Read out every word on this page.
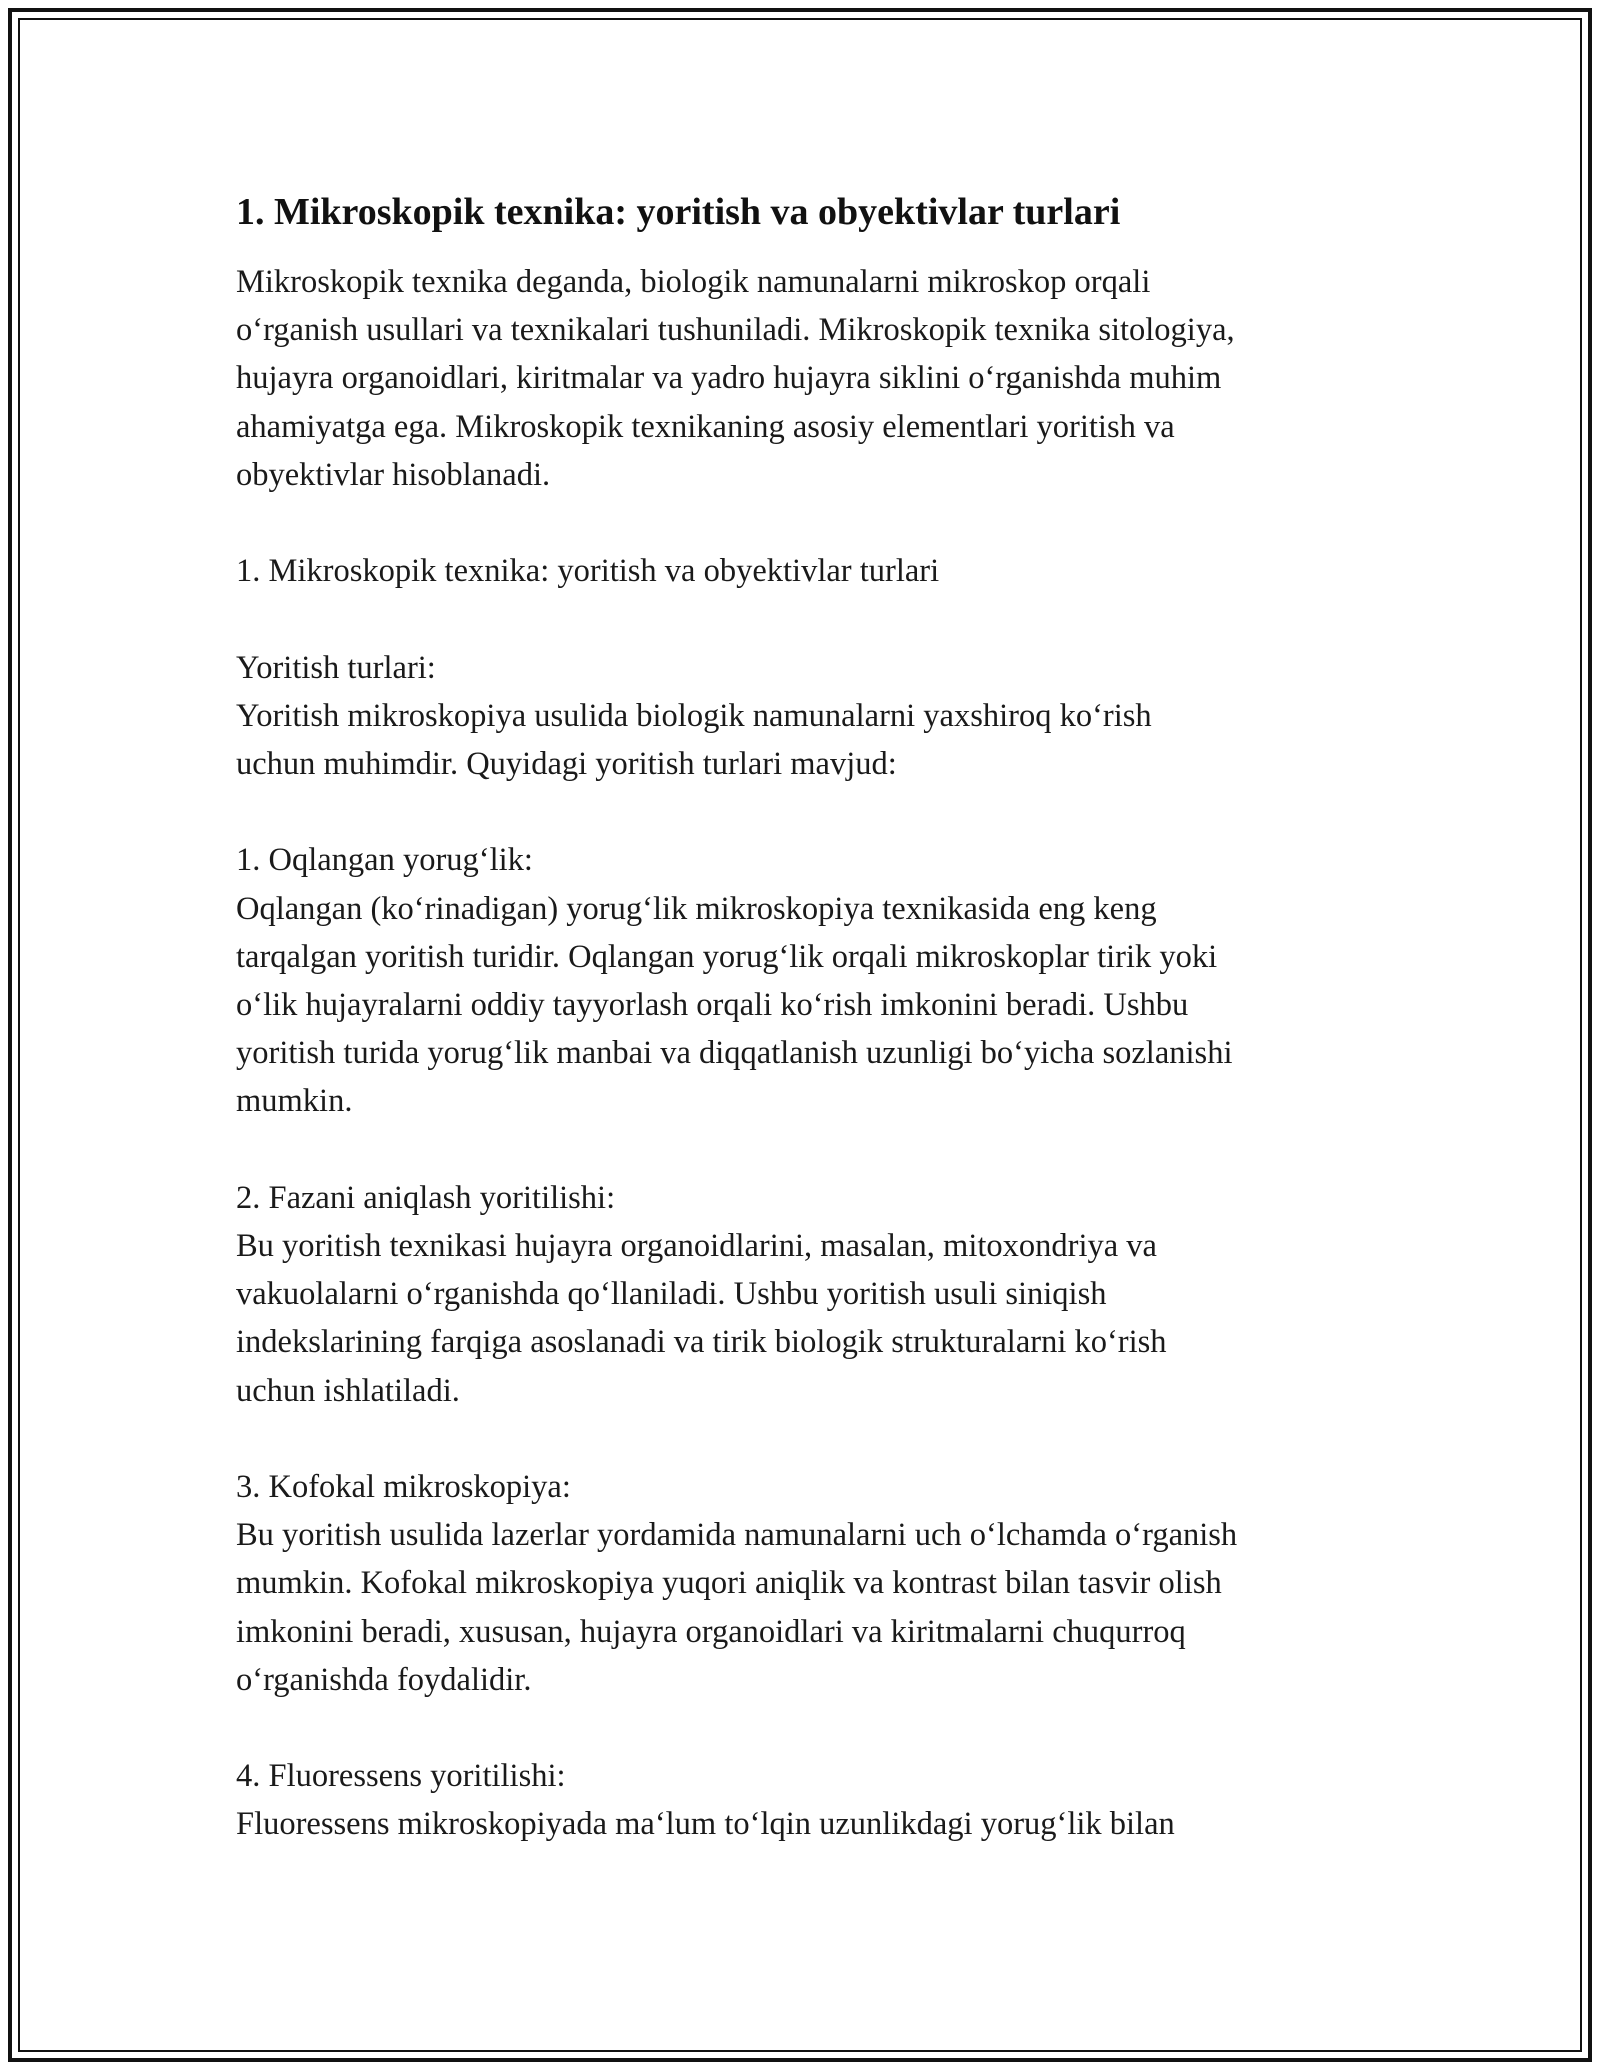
1. Mikroskopik texnika: yoritish va obyektivlar turlari

Mikroskopik texnika deganda, biologik namunalarni mikroskop orqali
o‘rganish usullari va texnikalari tushuniladi. Mikroskopik texnika sitologiya,
hujayra organoidlari, kiritmalar va yadro hujayra siklini o‘rganishda muhim
ahamiyatga ega. Mikroskopik texnikaning asosiy elementlari yoritish va
obyektivlar hisoblanadi.

1. Mikroskopik texnika: yoritish va obyektivlar turlari

Yoritish turlari:
Yoritish mikroskopiya usulida biologik namunalarni yaxshiroq ko‘rish
uchun muhimdir. Quyidagi yoritish turlari mavjud:

1. Oqlangan yorug‘lik:
Oqlangan (ko‘rinadigan) yorug‘lik mikroskopiya texnikasida eng keng
tarqalgan yoritish turidir. Oqlangan yorug‘lik orqali mikroskoplar tirik yoki
o‘lik hujayralarni oddiy tayyorlash orqali ko‘rish imkonini beradi. Ushbu
yoritish turida yorug‘lik manbai va diqqatlanish uzunligi bo‘yicha sozlanishi
mumkin.

2. Fazani aniqlash yoritilishi:
Bu yoritish texnikasi hujayra organoidlarini, masalan, mitoxondriya va
vakuolalarni o‘rganishda qo‘llaniladi. Ushbu yoritish usuli siniqish
indekslarining farqiga asoslanadi va tirik biologik strukturalarni ko‘rish
uchun ishlatiladi.

3. Kofokal mikroskopiya:
Bu yoritish usulida lazerlar yordamida namunalarni uch o‘lchamda o‘rganish
mumkin. Kofokal mikroskopiya yuqori aniqlik va kontrast bilan tasvir olish
imkonini beradi, xususan, hujayra organoidlari va kiritmalarni chuqurroq
o‘rganishda foydalidir.

4. Fluoressens yoritilishi:
Fluoressens mikroskopiyada ma‘lum to‘lqin uzunlikdagi yorug‘lik bilan
